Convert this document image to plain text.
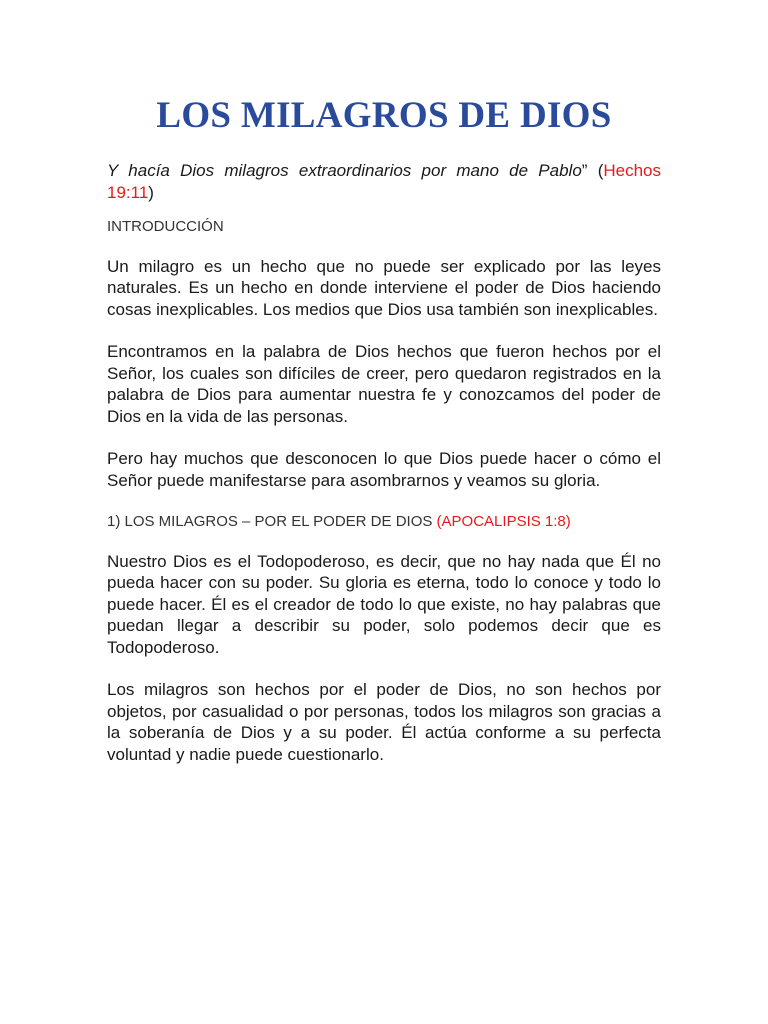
LOS MILAGROS DE DIOS

Y hacía Dios milagros extraordinarios por mano de Pablo” (Hechos 19:11)

INTRODUCCIÓN

Un milagro es un hecho que no puede ser explicado por las leyes naturales. Es un hecho en donde interviene el poder de Dios haciendo cosas inexplicables. Los medios que Dios usa también son inexplicables.

Encontramos en la palabra de Dios hechos que fueron hechos por el Señor, los cuales son difíciles de creer, pero quedaron registrados en la palabra de Dios para aumentar nuestra fe y conozcamos del poder de Dios en la vida de las personas.

Pero hay muchos que desconocen lo que Dios puede hacer o cómo el Señor puede manifestarse para asombrarnos y veamos su gloria.

1) LOS MILAGROS – POR EL PODER DE DIOS (APOCALIPSIS 1:8)

Nuestro Dios es el Todopoderoso, es decir, que no hay nada que Él no pueda hacer con su poder. Su gloria es eterna, todo lo conoce y todo lo puede hacer. Él es el creador de todo lo que existe, no hay palabras que puedan llegar a describir su poder, solo podemos decir que es Todopoderoso.

Los milagros son hechos por el poder de Dios, no son hechos por objetos, por casualidad o por personas, todos los milagros son gracias a la soberanía de Dios y a su poder. Él actúa conforme a su perfecta voluntad y nadie puede cuestionarlo.
